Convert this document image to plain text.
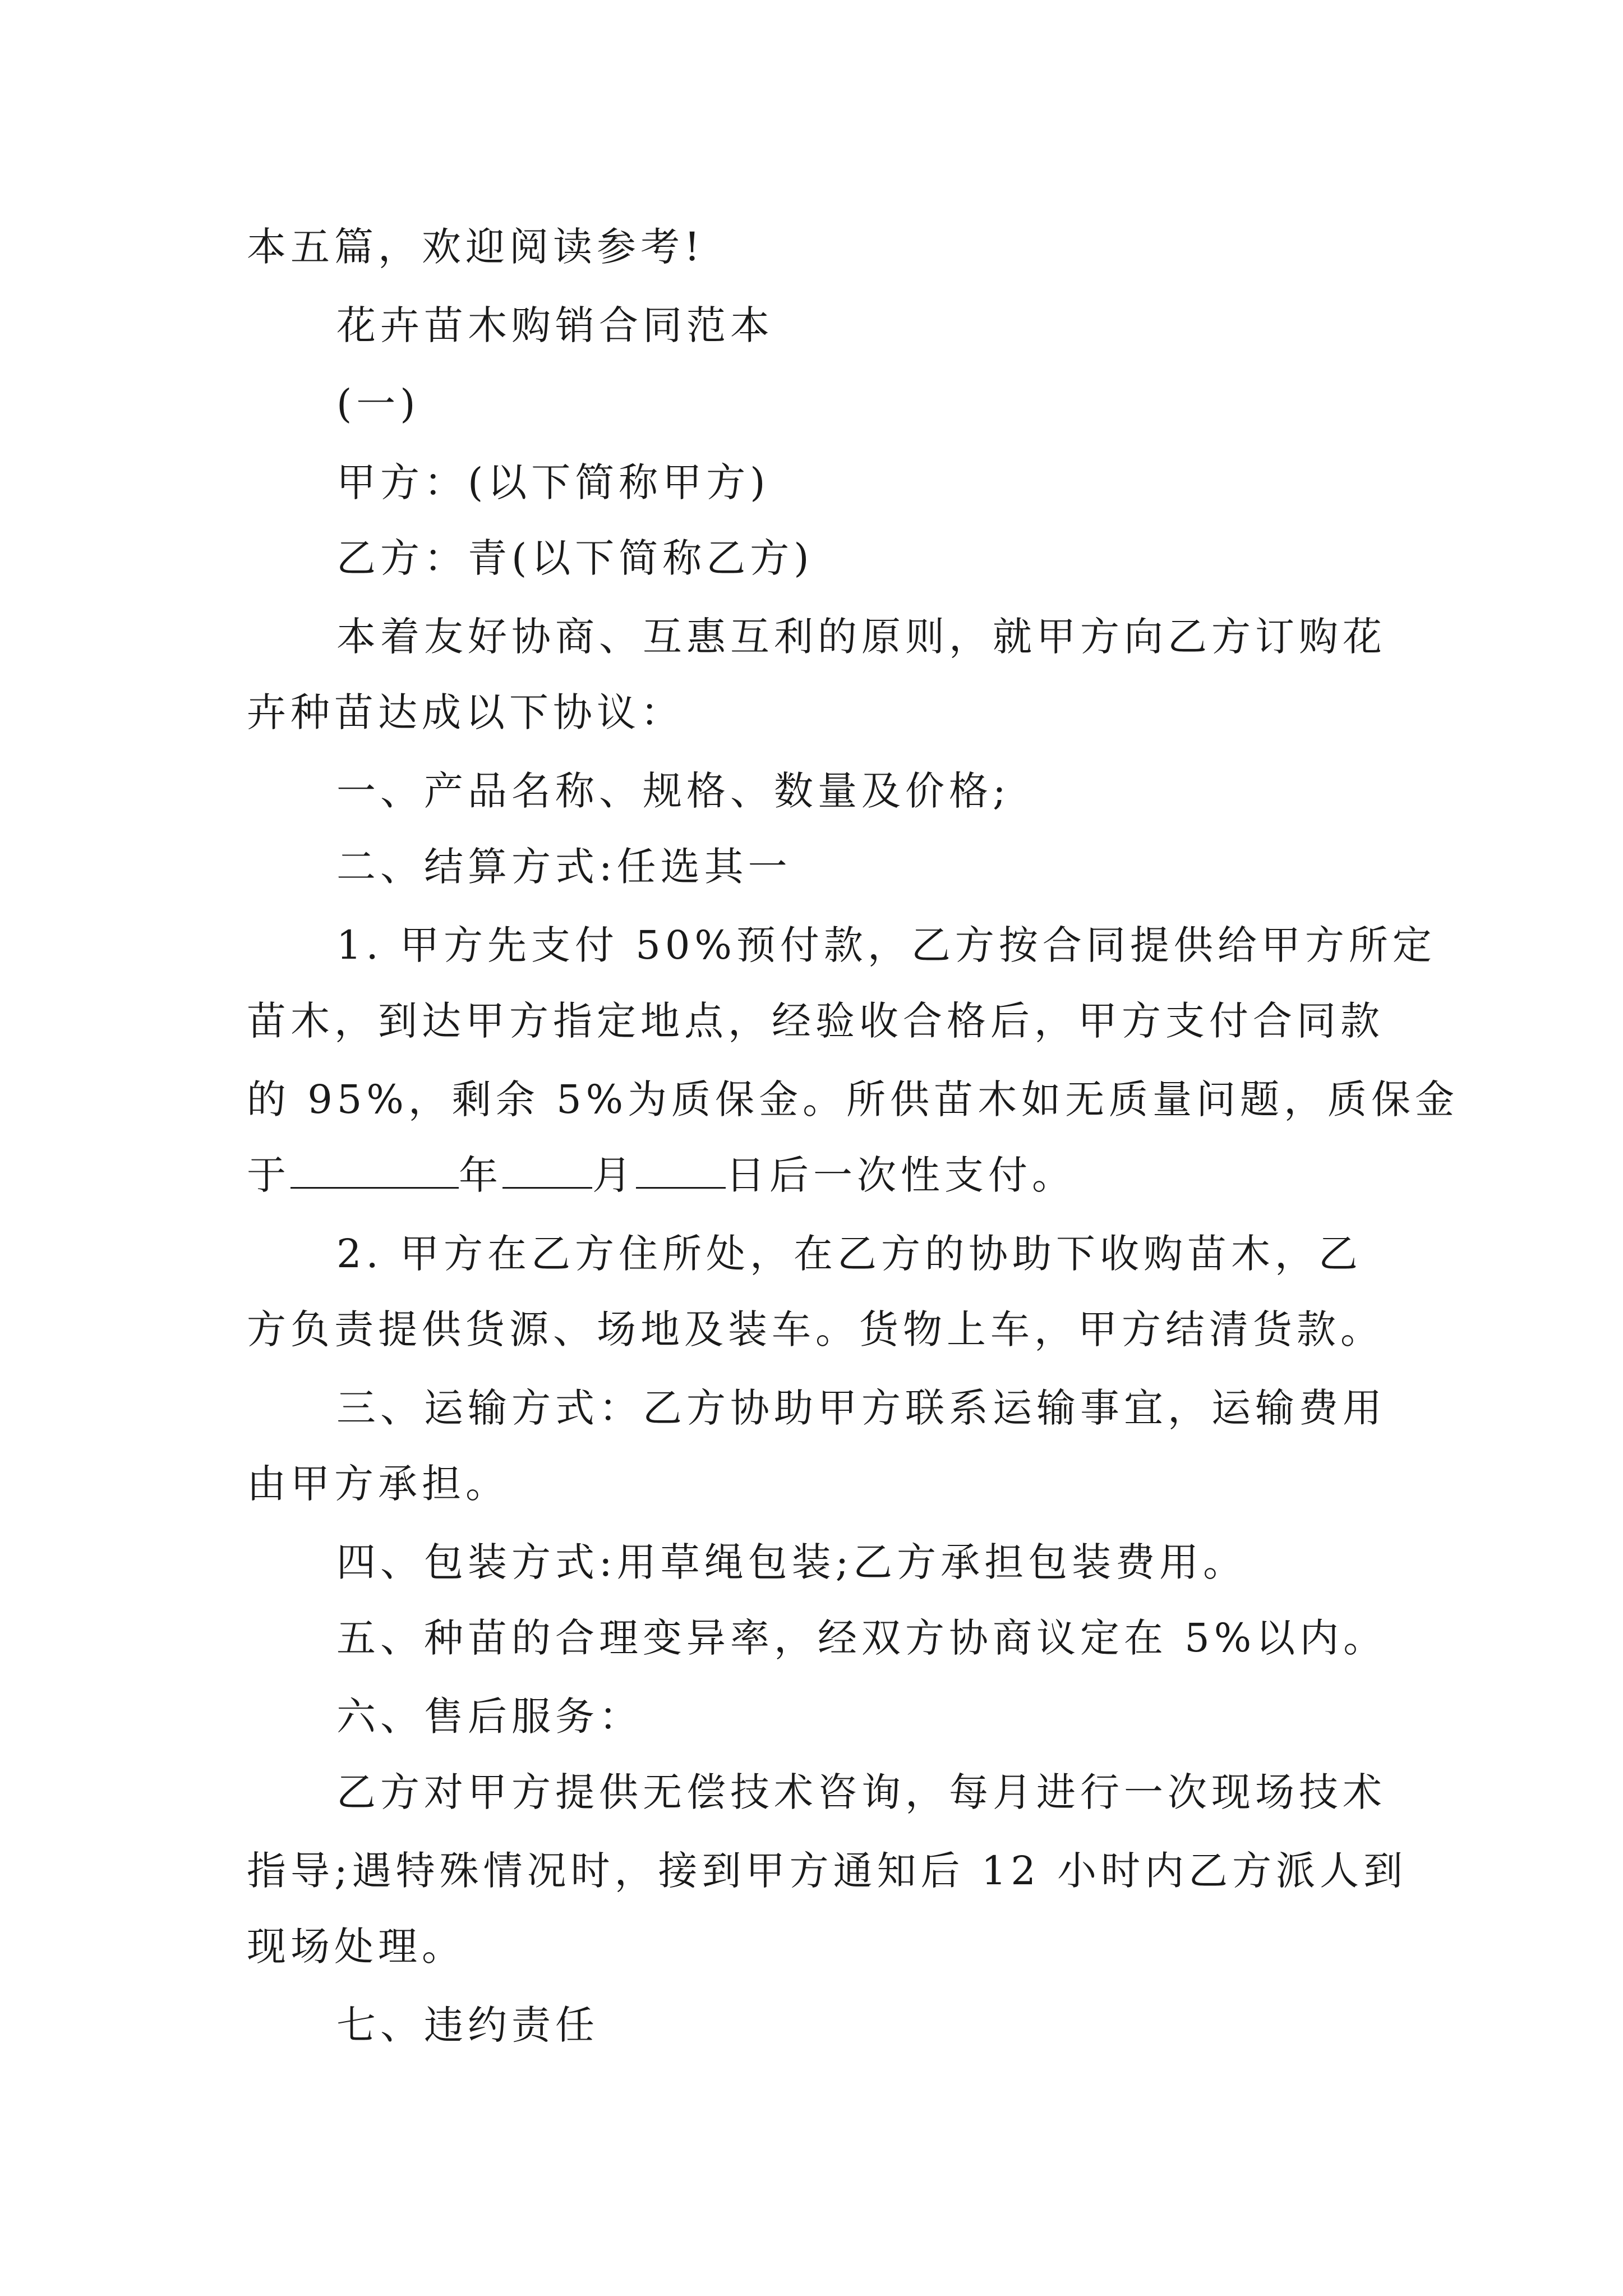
本五篇，欢迎阅读参考!
花卉苗木购销合同范本
(一)
甲方：(以下简称甲方)
乙方：青(以下简称乙方)
本着友好协商、互惠互利的原则，就甲方向乙方订购花
卉种苗达成以下协议：
一、产品名称、规格、数量及价格;
二、结算方式:任选其一
1. 甲方先支付 50%预付款，乙方按合同提供给甲方所定
苗木，到达甲方指定地点，经验收合格后，甲方支付合同款
的 95%，剩余 5%为质保金。所供苗木如无质量问题，质保金
于	年 月 日后一次性支付。
2. 甲方在乙方住所处，在乙方的协助下收购苗木，乙
方负责提供货源、场地及装车。货物上车，甲方结清货款。
三、运输方式：乙方协助甲方联系运输事宜，运输费用
由甲方承担。
四、包装方式:用草绳包装;乙方承担包装费用。
五、种苗的合理变异率，经双方协商议定在 5%以内。
六、售后服务：
乙方对甲方提供无偿技术咨询，每月进行一次现场技术
指导;遇特殊情况时，接到甲方通知后 12 小时内乙方派人到
现场处理。
七、违约责任
